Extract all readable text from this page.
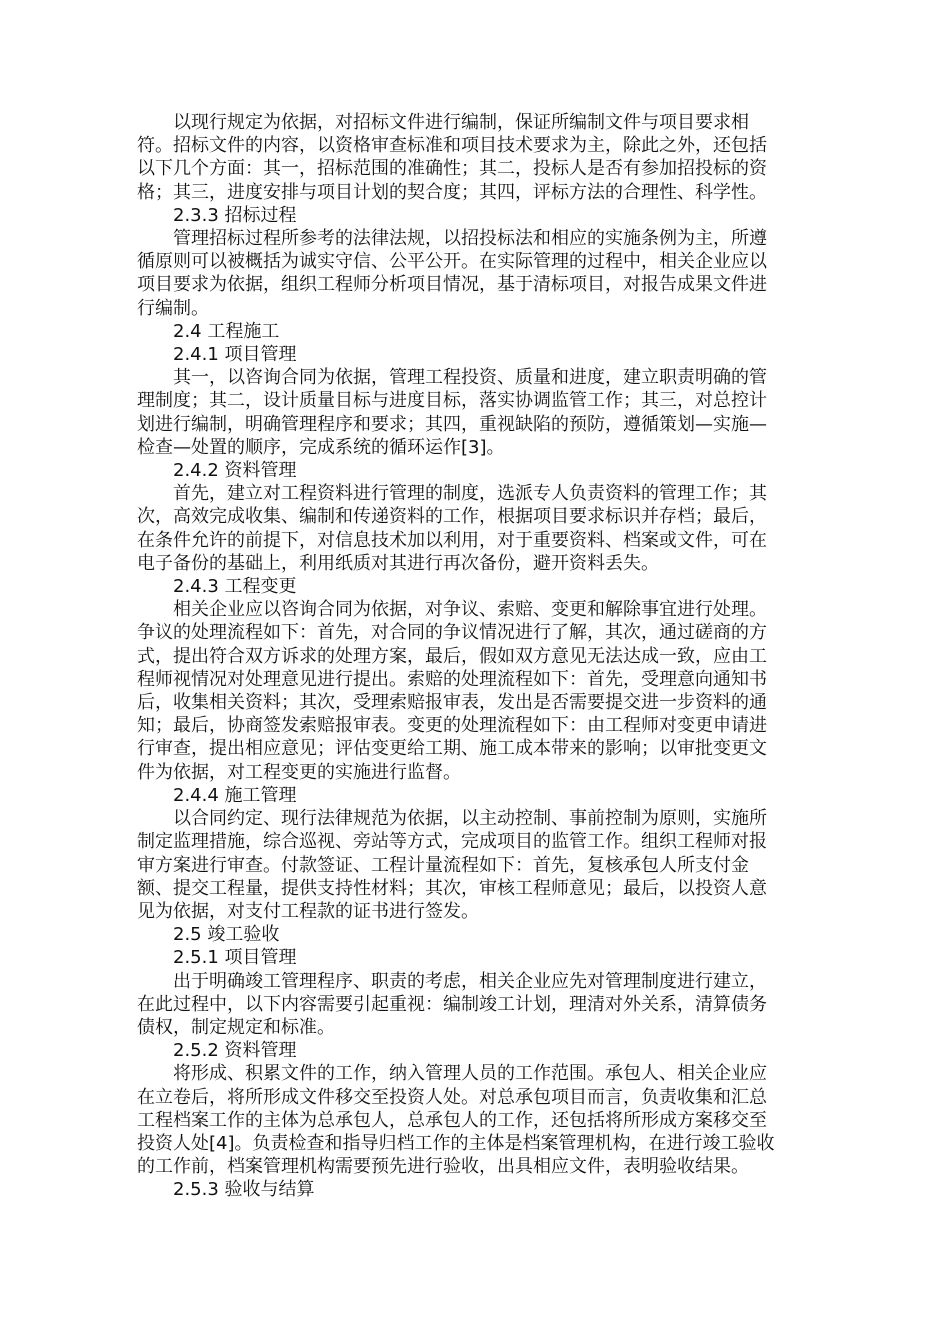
以现行规定为依据，对招标文件进行编制，保证所编制文件与项目要求相
符。招标文件的内容，以资格审查标准和项目技术要求为主，除此之外，还包括
以下几个方面：其一，招标范围的准确性；其二，投标人是否有参加招投标的资
格；其三，进度安排与项目计划的契合度；其四，评标方法的合理性、科学性。
2.3.3 招标过程
管理招标过程所参考的法律法规，以招投标法和相应的实施条例为主，所遵
循原则可以被概括为诚实守信、公平公开。在实际管理的过程中，相关企业应以
项目要求为依据，组织工程师分析项目情况，基于清标项目，对报告成果文件进
行编制。
2.4 工程施工
2.4.1 项目管理
其一，以咨询合同为依据，管理工程投资、质量和进度，建立职责明确的管
理制度；其二，设计质量目标与进度目标，落实协调监管工作；其三，对总控计
划进行编制，明确管理程序和要求；其四，重视缺陷的预防，遵循策划—实施—
检查—处置的顺序，完成系统的循环运作[3]。
2.4.2 资料管理
首先，建立对工程资料进行管理的制度，选派专人负责资料的管理工作；其
次，高效完成收集、编制和传递资料的工作，根据项目要求标识并存档；最后，
在条件允许的前提下，对信息技术加以利用，对于重要资料、档案或文件，可在
电子备份的基础上，利用纸质对其进行再次备份，避开资料丢失。
2.4.3 工程变更
相关企业应以咨询合同为依据，对争议、索赔、变更和解除事宜进行处理。
争议的处理流程如下：首先，对合同的争议情况进行了解，其次，通过磋商的方
式，提出符合双方诉求的处理方案，最后，假如双方意见无法达成一致，应由工
程师视情况对处理意见进行提出。索赔的处理流程如下：首先，受理意向通知书
后，收集相关资料；其次，受理索赔报审表，发出是否需要提交进一步资料的通
知；最后，协商签发索赔报审表。变更的处理流程如下：由工程师对变更申请进
行审查，提出相应意见；评估变更给工期、施工成本带来的影响；以审批变更文
件为依据，对工程变更的实施进行监督。
2.4.4 施工管理
以合同约定、现行法律规范为依据，以主动控制、事前控制为原则，实施所
制定监理措施，综合巡视、旁站等方式，完成项目的监管工作。组织工程师对报
审方案进行审查。付款签证、工程计量流程如下：首先，复核承包人所支付金
额、提交工程量，提供支持性材料；其次，审核工程师意见；最后，以投资人意
见为依据，对支付工程款的证书进行签发。
2.5 竣工验收
2.5.1 项目管理
出于明确竣工管理程序、职责的考虑，相关企业应先对管理制度进行建立，
在此过程中，以下内容需要引起重视：编制竣工计划，理清对外关系，清算债务
债权，制定规定和标准。
2.5.2 资料管理
将形成、积累文件的工作，纳入管理人员的工作范围。承包人、相关企业应
在立卷后，将所形成文件移交至投资人处。对总承包项目而言，负责收集和汇总
工程档案工作的主体为总承包人，总承包人的工作，还包括将所形成方案移交至
投资人处[4]。负责检查和指导归档工作的主体是档案管理机构，在进行竣工验收
的工作前，档案管理机构需要预先进行验收，出具相应文件，表明验收结果。
2.5.3 验收与结算
